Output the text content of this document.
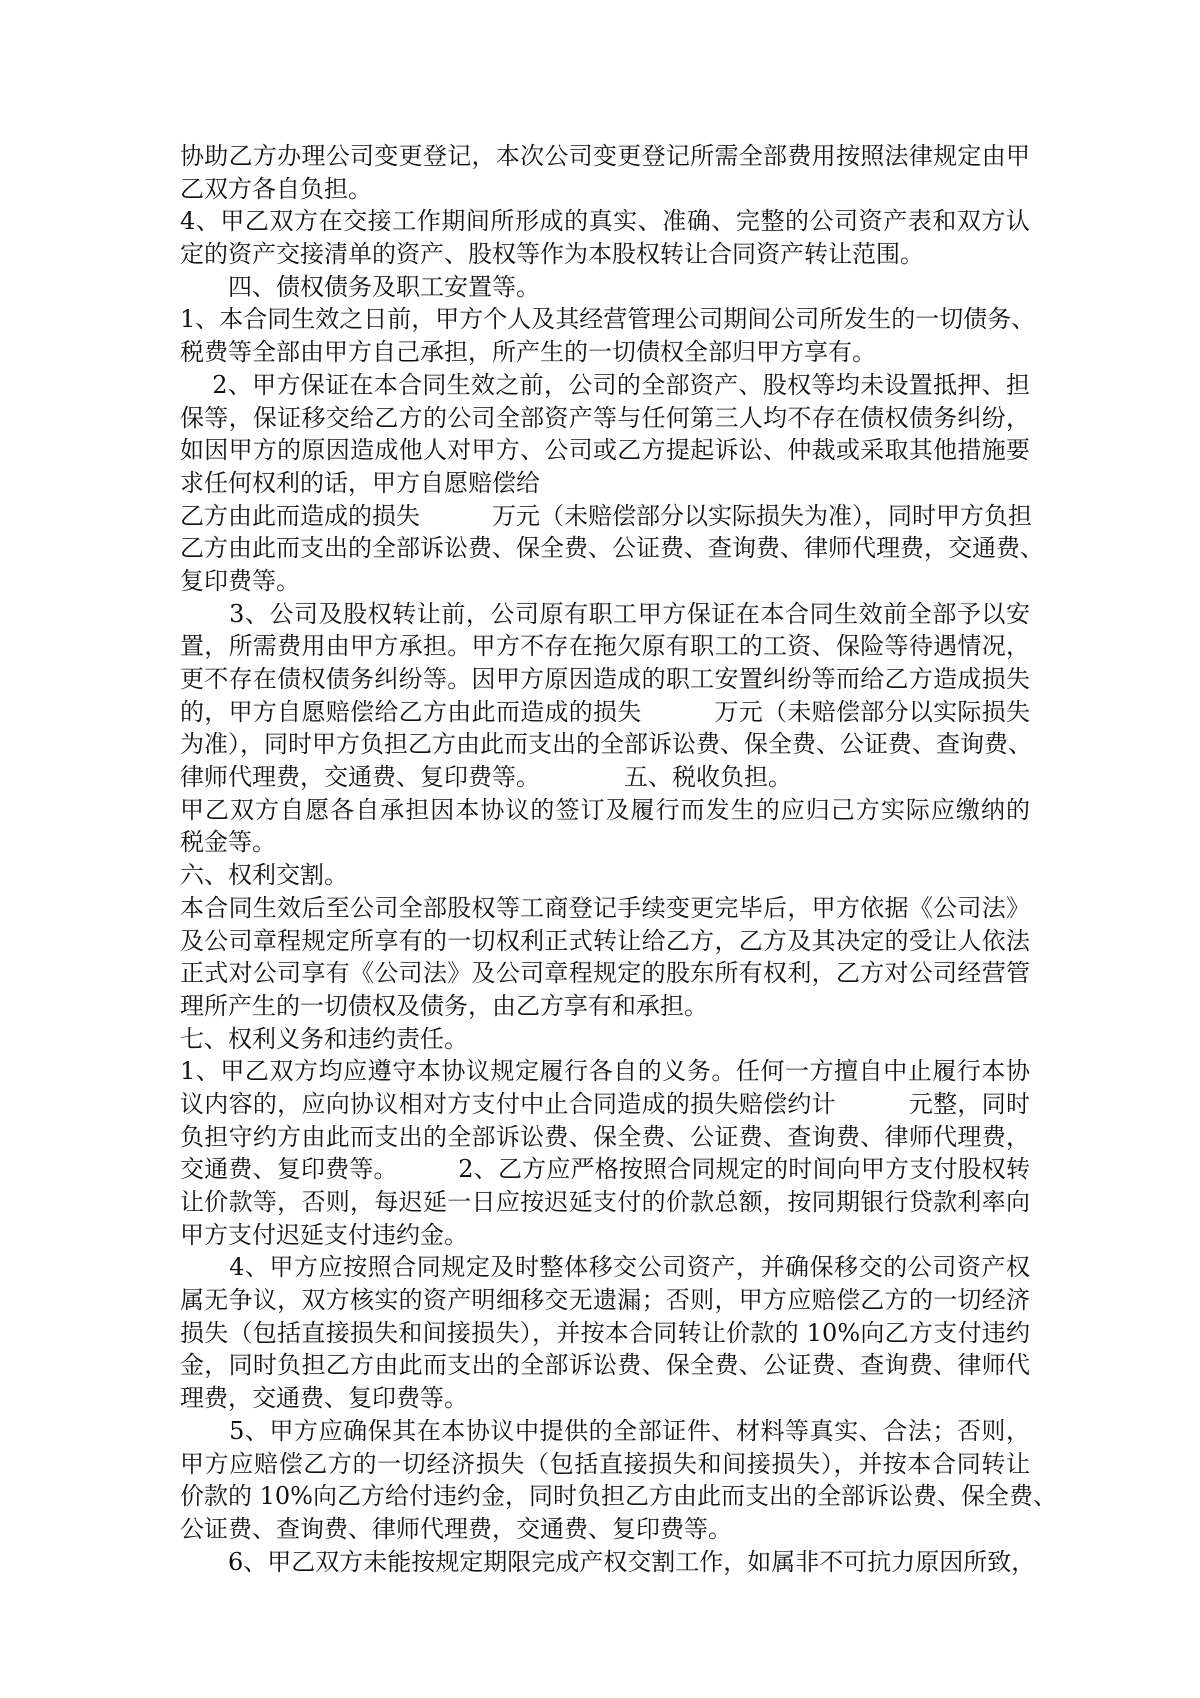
协助乙方办理公司变更登记，本次公司变更登记所需全部费用按照法律规定由甲
乙双方各自负担。
4、甲乙双方在交接工作期间所形成的真实、准确、完整的公司资产表和双方认
定的资产交接清单的资产、股权等作为本股权转让合同资产转让范围。
　　四、债权债务及职工安置等。
1、本合同生效之日前，甲方个人及其经营管理公司期间公司所发生的一切债务、
税费等全部由甲方自己承担，所产生的一切债权全部归甲方享有。
　 2、甲方保证在本合同生效之前，公司的全部资产、股权等均未设置抵押、担
保等，保证移交给乙方的公司全部资产等与任何第三人均不存在债权债务纠纷，
如因甲方的原因造成他人对甲方、公司或乙方提起诉讼、仲裁或采取其他措施要
求任何权利的话，甲方自愿赔偿给
乙方由此而造成的损失　　　万元（未赔偿部分以实际损失为准），同时甲方负担
乙方由此而支出的全部诉讼费、保全费、公证费、查询费、律师代理费，交通费、
复印费等。
　　3、公司及股权转让前，公司原有职工甲方保证在本合同生效前全部予以安
置，所需费用由甲方承担。甲方不存在拖欠原有职工的工资、保险等待遇情况，
更不存在债权债务纠纷等。因甲方原因造成的职工安置纠纷等而给乙方造成损失
的，甲方自愿赔偿给乙方由此而造成的损失　　　万元（未赔偿部分以实际损失
为准），同时甲方负担乙方由此而支出的全部诉讼费、保全费、公证费、查询费、
律师代理费，交通费、复印费等。　　　　五、税收负担。
甲乙双方自愿各自承担因本协议的签订及履行而发生的应归己方实际应缴纳的
税金等。
六、权利交割。
本合同生效后至公司全部股权等工商登记手续变更完毕后，甲方依据《公司法》
及公司章程规定所享有的一切权利正式转让给乙方，乙方及其决定的受让人依法
正式对公司享有《公司法》及公司章程规定的股东所有权利，乙方对公司经营管
理所产生的一切债权及债务，由乙方享有和承担。
七、权利义务和违约责任。
1、甲乙双方均应遵守本协议规定履行各自的义务。任何一方擅自中止履行本协
议内容的，应向协议相对方支付中止合同造成的损失赔偿约计　　　元整，同时
负担守约方由此而支出的全部诉讼费、保全费、公证费、查询费、律师代理费，
交通费、复印费等。　　　2、乙方应严格按照合同规定的时间向甲方支付股权转
让价款等，否则，每迟延一日应按迟延支付的价款总额，按同期银行贷款利率向
甲方支付迟延支付违约金。
　　4、甲方应按照合同规定及时整体移交公司资产，并确保移交的公司资产权
属无争议，双方核实的资产明细移交无遗漏；否则，甲方应赔偿乙方的一切经济
损失（包括直接损失和间接损失），并按本合同转让价款的 10%向乙方支付违约
金，同时负担乙方由此而支出的全部诉讼费、保全费、公证费、查询费、律师代
理费，交通费、复印费等。
　　5、甲方应确保其在本协议中提供的全部证件、材料等真实、合法；否则，
甲方应赔偿乙方的一切经济损失（包括直接损失和间接损失），并按本合同转让
价款的 10%向乙方给付违约金，同时负担乙方由此而支出的全部诉讼费、保全费、
公证费、查询费、律师代理费，交通费、复印费等。
　　6、甲乙双方未能按规定期限完成产权交割工作，如属非不可抗力原因所致，
